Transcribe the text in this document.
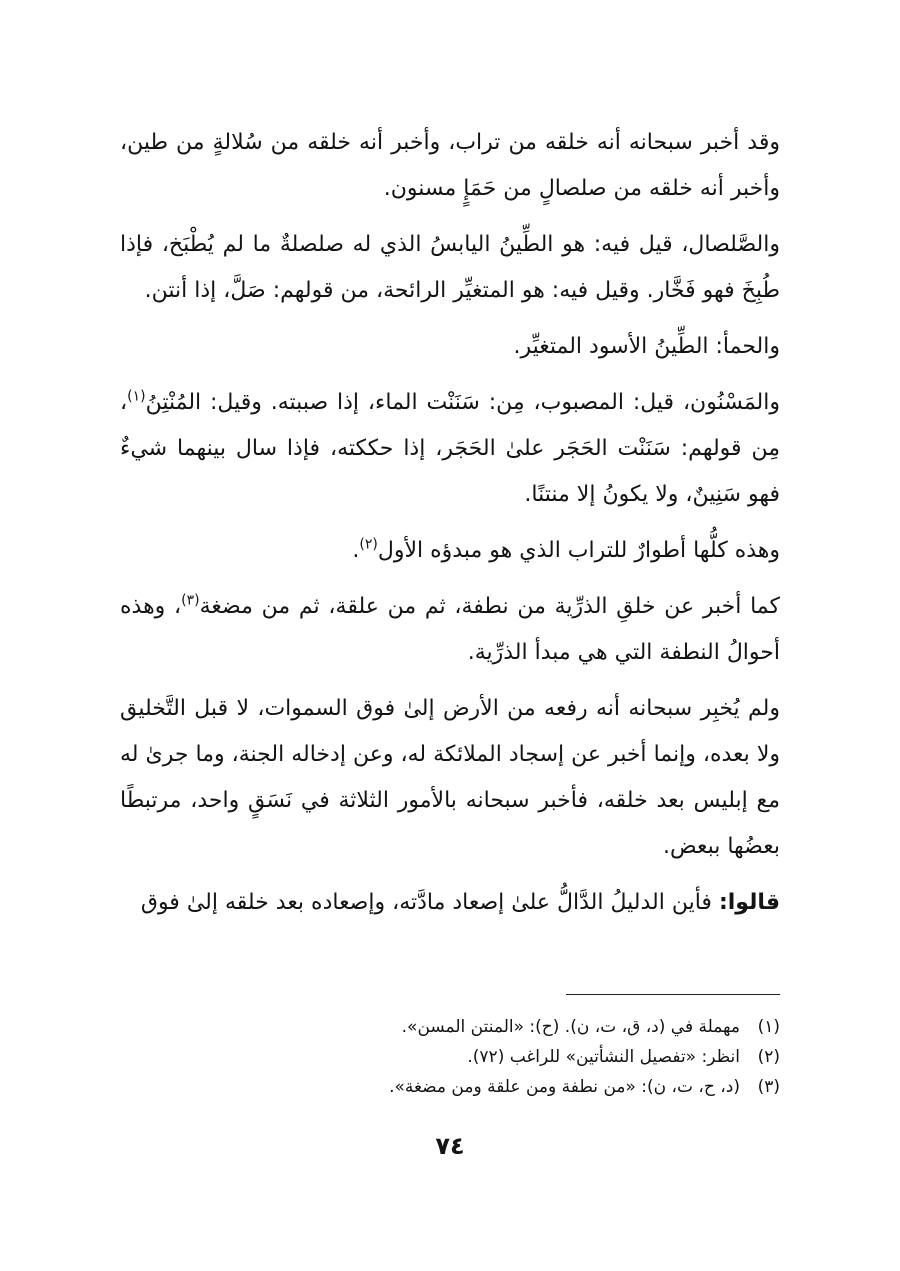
وقد أخبر سبحانه أنه خلقه من تراب، وأخبر أنه خلقه من سُلالةٍ من طين، وأخبر أنه خلقه من صلصالٍ من حَمَإٍ مسنون.

والصَّلصال، قيل فيه: هو الطِّينُ اليابسُ الذي له صلصلةٌ ما لم يُطْبَخ، فإذا طُبِخَ فهو فَخَّار. وقيل فيه: هو المتغيِّر الرائحة، من قولهم: صَلَّ، إذا أنتن.

والحمأ: الطِّينُ الأسود المتغيِّر.

والمَسْنُون، قيل: المصبوب، مِن: سَنَنْت الماء، إذا صببته. وقيل: المُنْتِنُ$^{(١)}$، مِن قولهم: سَنَنْت الحَجَر علىٰ الحَجَر، إذا حككته، فإذا سال بينهما شيءٌ فهو سَنِينٌ، ولا يكونُ إلا منتنًا.

وهذه كلُّها أطوارٌ للتراب الذي هو مبدؤه الأول$^{(٢)}$.

كما أخبر عن خلقِ الذرِّية من نطفة، ثم من علقة، ثم من مضغة$^{(٣)}$، وهذه أحوالُ النطفة التي هي مبدأ الذرِّية.

ولم يُخبِر سبحانه أنه رفعه من الأرض إلىٰ فوق السموات، لا قبل التَّخليق ولا بعده، وإنما أخبر عن إسجاد الملائكة له، وعن إدخاله الجنة، وما جرىٰ له مع إبليس بعد خلقه، فأخبر سبحانه بالأمور الثلاثة في نَسَقٍ واحد، مرتبطًا بعضُها ببعض.

قالوا: فأين الدليلُ الدَّالُّ علىٰ إصعاد مادَّته، وإصعاده بعد خلقه إلىٰ فوق

(١)
مهملة في (د، ق، ت، ن). (ح): «المنتن المسن».

(٢)
انظر: «تفصيل النشأتين» للراغب (٧٢).

(٣)
(د، ح، ت، ن): «من نطفة ومن علقة ومن مضغة».

٧٤
